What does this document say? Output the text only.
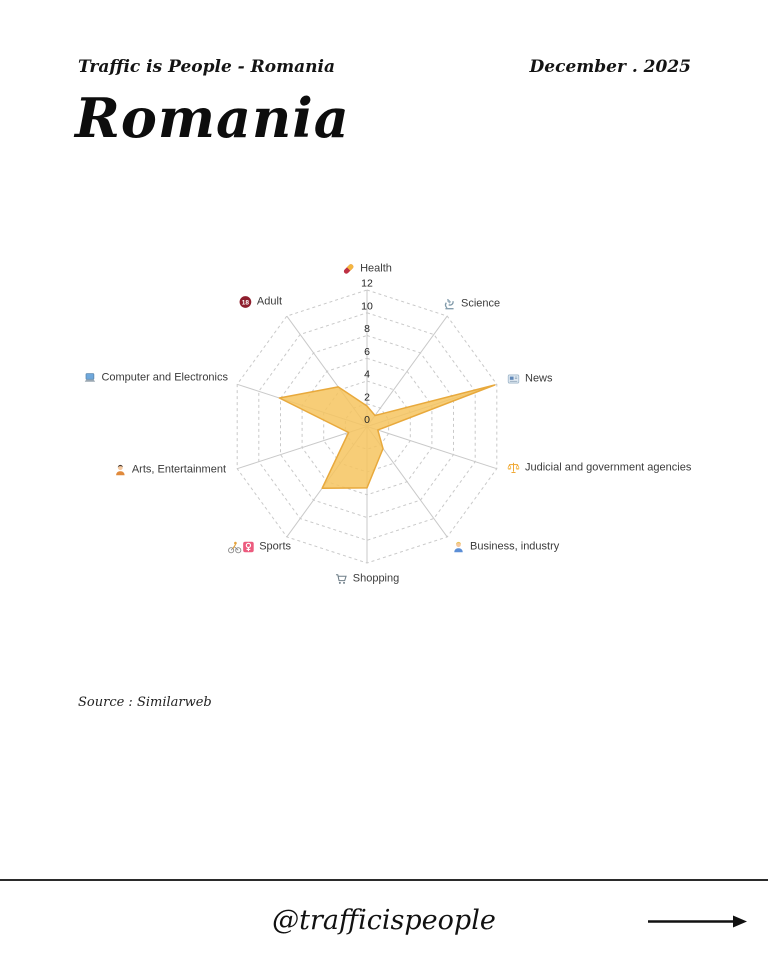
Traffic is People - Romania	December . 2025
Romania
0
2
4
6
8
10
12
Health
Science
News
Judicial and government agencies
Business, industry
Shopping
Sports
Arts, Entertainment
Computer and Electronics
18 Adult
Source : Similarweb
@trafficispeople
